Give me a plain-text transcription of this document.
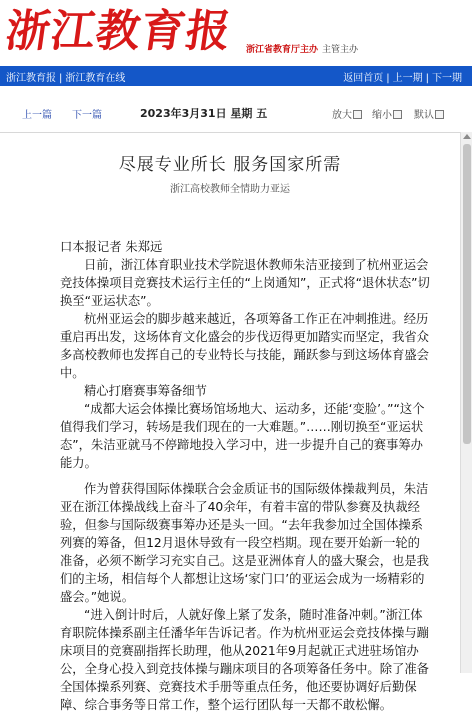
浙江教育报 浙江省教育厅主办 主管主办
浙江教育报 | 浙江教育在线	返回首页 | 上一期 | 下一期
上一篇 下一篇	2023年3月31日 星期 五	放大	缩小	默认
尽展专业所长 服务国家所需
浙江高校教师全情助力亚运

口本报记者 朱郑远

日前，浙江体育职业技术学院退休教师朱洁亚接到了杭州亚运会竞技体操项目竞赛技术运行主任的“上岗通知”，正式将“退休状态”切换至“亚运状态”。

杭州亚运会的脚步越来越近，各项筹备工作正在冲刺推进。经历重启再出发，这场体育文化盛会的步伐迈得更加踏实而坚定，我省众多高校教师也发挥自己的专业特长与技能，踊跃参与到这场体育盛会中。

精心打磨赛事筹备细节

“成都大运会体操比赛场馆场地大、运动多，还能‘变脸’。”“这个值得我们学习，转场是我们现在的一大难题。”……刚切换至“亚运状态”，朱洁亚就马不停蹄地投入学习中，进一步提升自己的赛事筹办能力。

作为曾获得国际体操联合会金质证书的国际级体操裁判员，朱洁亚在浙江体操战线上奋斗了40余年，有着丰富的带队参赛及执裁经验，但参与国际级赛事筹办还是头一回。“去年我参加过全国体操系列赛的筹备，但12月退休导致有一段空档期。现在要开始新一轮的准备，必须不断学习充实自己。这是亚洲体育人的盛大聚会，也是我们的主场，相信每个人都想让这场‘家门口’的亚运会成为一场精彩的盛会。”她说。

“进入倒计时后，人就好像上紧了发条，随时准备冲刺。”浙江体育职院体操系副主任潘华年告诉记者。作为杭州亚运会竞技体操与蹦床项目的竞赛副指挥长助理，他从2021年9月起就正式进驻场馆办公，全身心投入到竞技体操与蹦床项目的各项筹备任务中。除了准备全国体操系列赛、竞赛技术手册等重点任务，他还要协调好后勤保障、综合事务等日常工作，整个运行团队每一天都不敢松懈。
